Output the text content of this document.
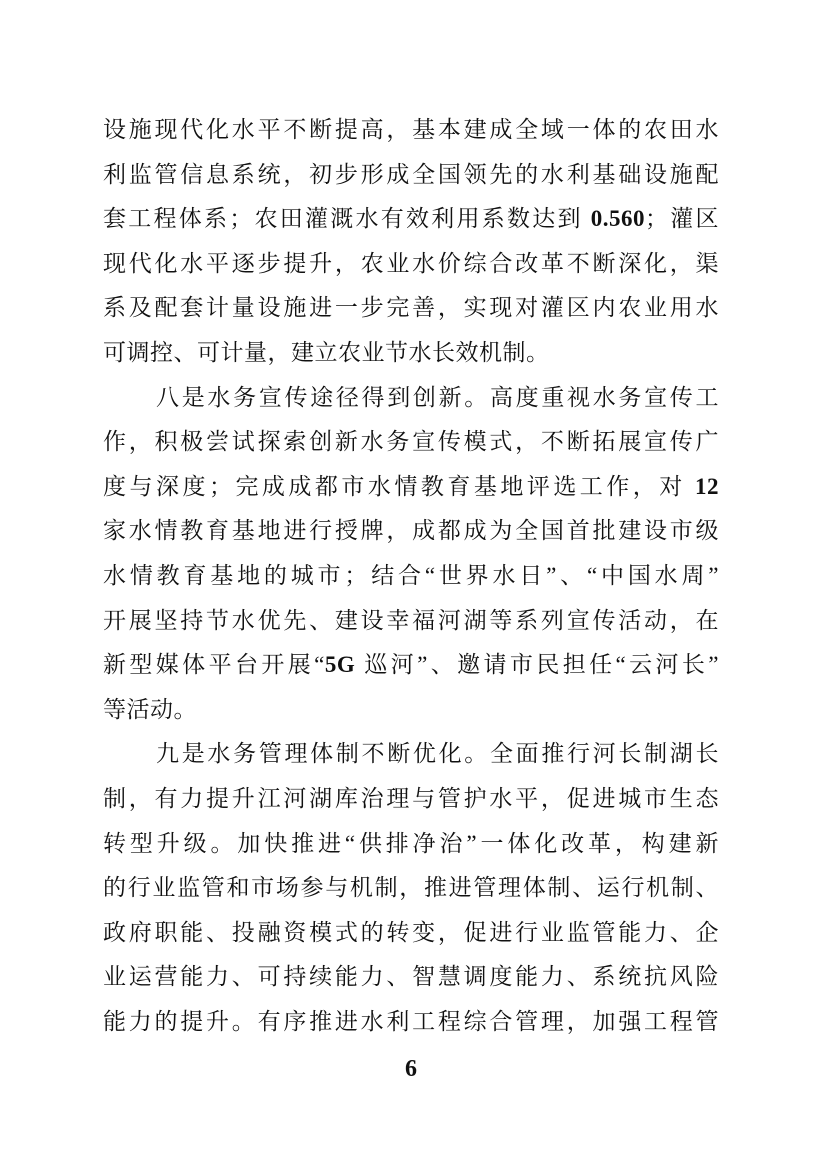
设施现代化水平不断提高，基本建成全域一体的农田水
利监管信息系统，初步形成全国领先的水利基础设施配
套工程体系；农田灌溉水有效利用系数达到 0.560；灌区
现代化水平逐步提升，农业水价综合改革不断深化，渠
系及配套计量设施进一步完善，实现对灌区内农业用水
可调控、可计量，建立农业节水长效机制。
八是水务宣传途径得到创新。高度重视水务宣传工
作，积极尝试探索创新水务宣传模式，不断拓展宣传广
度与深度；完成成都市水情教育基地评选工作，对 12
家水情教育基地进行授牌，成都成为全国首批建设市级
水情教育基地的城市；结合“世界水日”、“中国水周”
开展坚持节水优先、建设幸福河湖等系列宣传活动，在
新型媒体平台开展“5G 巡河”、邀请市民担任“云河长”
等活动。
九是水务管理体制不断优化。全面推行河长制湖长
制，有力提升江河湖库治理与管护水平，促进城市生态
转型升级。加快推进“供排净治”一体化改革，构建新
的行业监管和市场参与机制，推进管理体制、运行机制、
政府职能、投融资模式的转变，促进行业监管能力、企
业运营能力、可持续能力、智慧调度能力、系统抗风险
能力的提升。有序推进水利工程综合管理，加强工程管
6
